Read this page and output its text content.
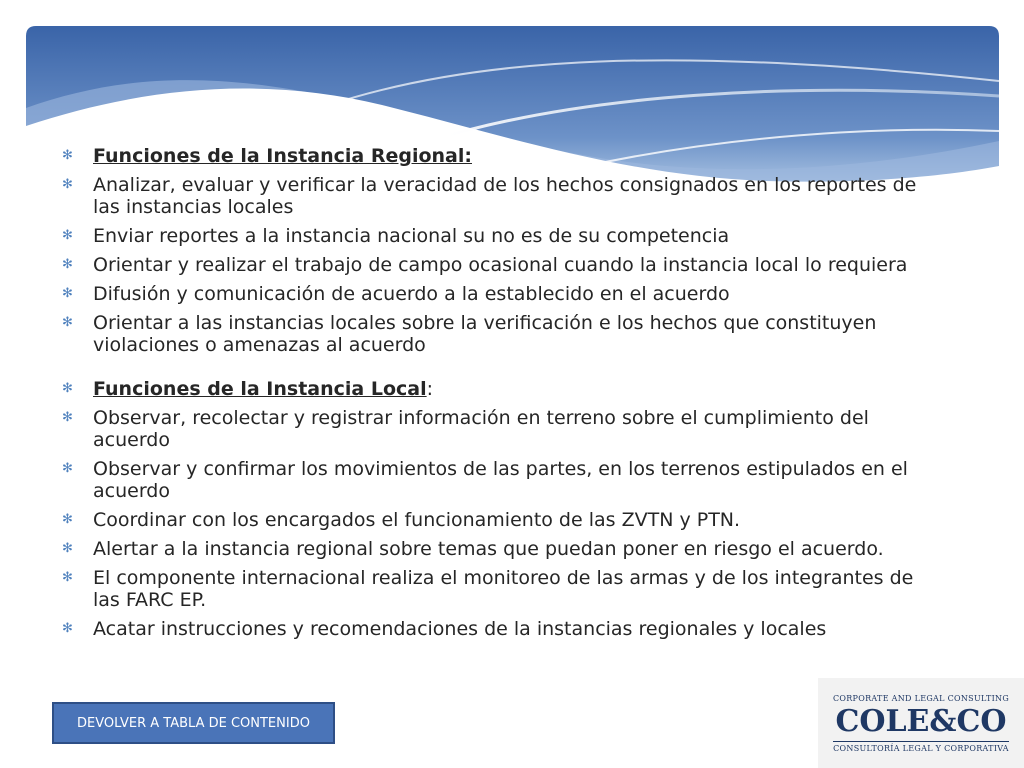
✻ Funciones de la Instancia Regional:
✻ Analizar, evaluar y verificar la veracidad de los hechos consignados en los reportes de las instancias locales
✻ Enviar reportes a la instancia nacional su no es de su competencia
✻ Orientar y realizar el trabajo de campo ocasional cuando la instancia local lo requiera
✻ Difusión y comunicación de acuerdo a la establecido en el acuerdo
✻ Orientar a las instancias locales sobre la verificación e los hechos que constituyen violaciones o amenazas al acuerdo
✻ Funciones de la Instancia Local:
✻ Observar, recolectar y registrar información en terreno sobre el cumplimiento del acuerdo
✻ Observar y confirmar los movimientos de las partes, en los terrenos estipulados en el acuerdo
✻ Coordinar con los encargados el funcionamiento de las ZVTN y PTN.
✻ Alertar a la instancia regional sobre temas que puedan poner en riesgo el acuerdo.
✻ El componente internacional realiza el monitoreo de las armas y de los integrantes de las FARC EP.
✻ Acatar instrucciones y recomendaciones de la instancias regionales y locales
DEVOLVER A TABLA DE CONTENIDO
CORPORATE AND LEGAL CONSULTING
COLE&CO
CONSULTORÍA LEGAL Y CORPORATIVA
